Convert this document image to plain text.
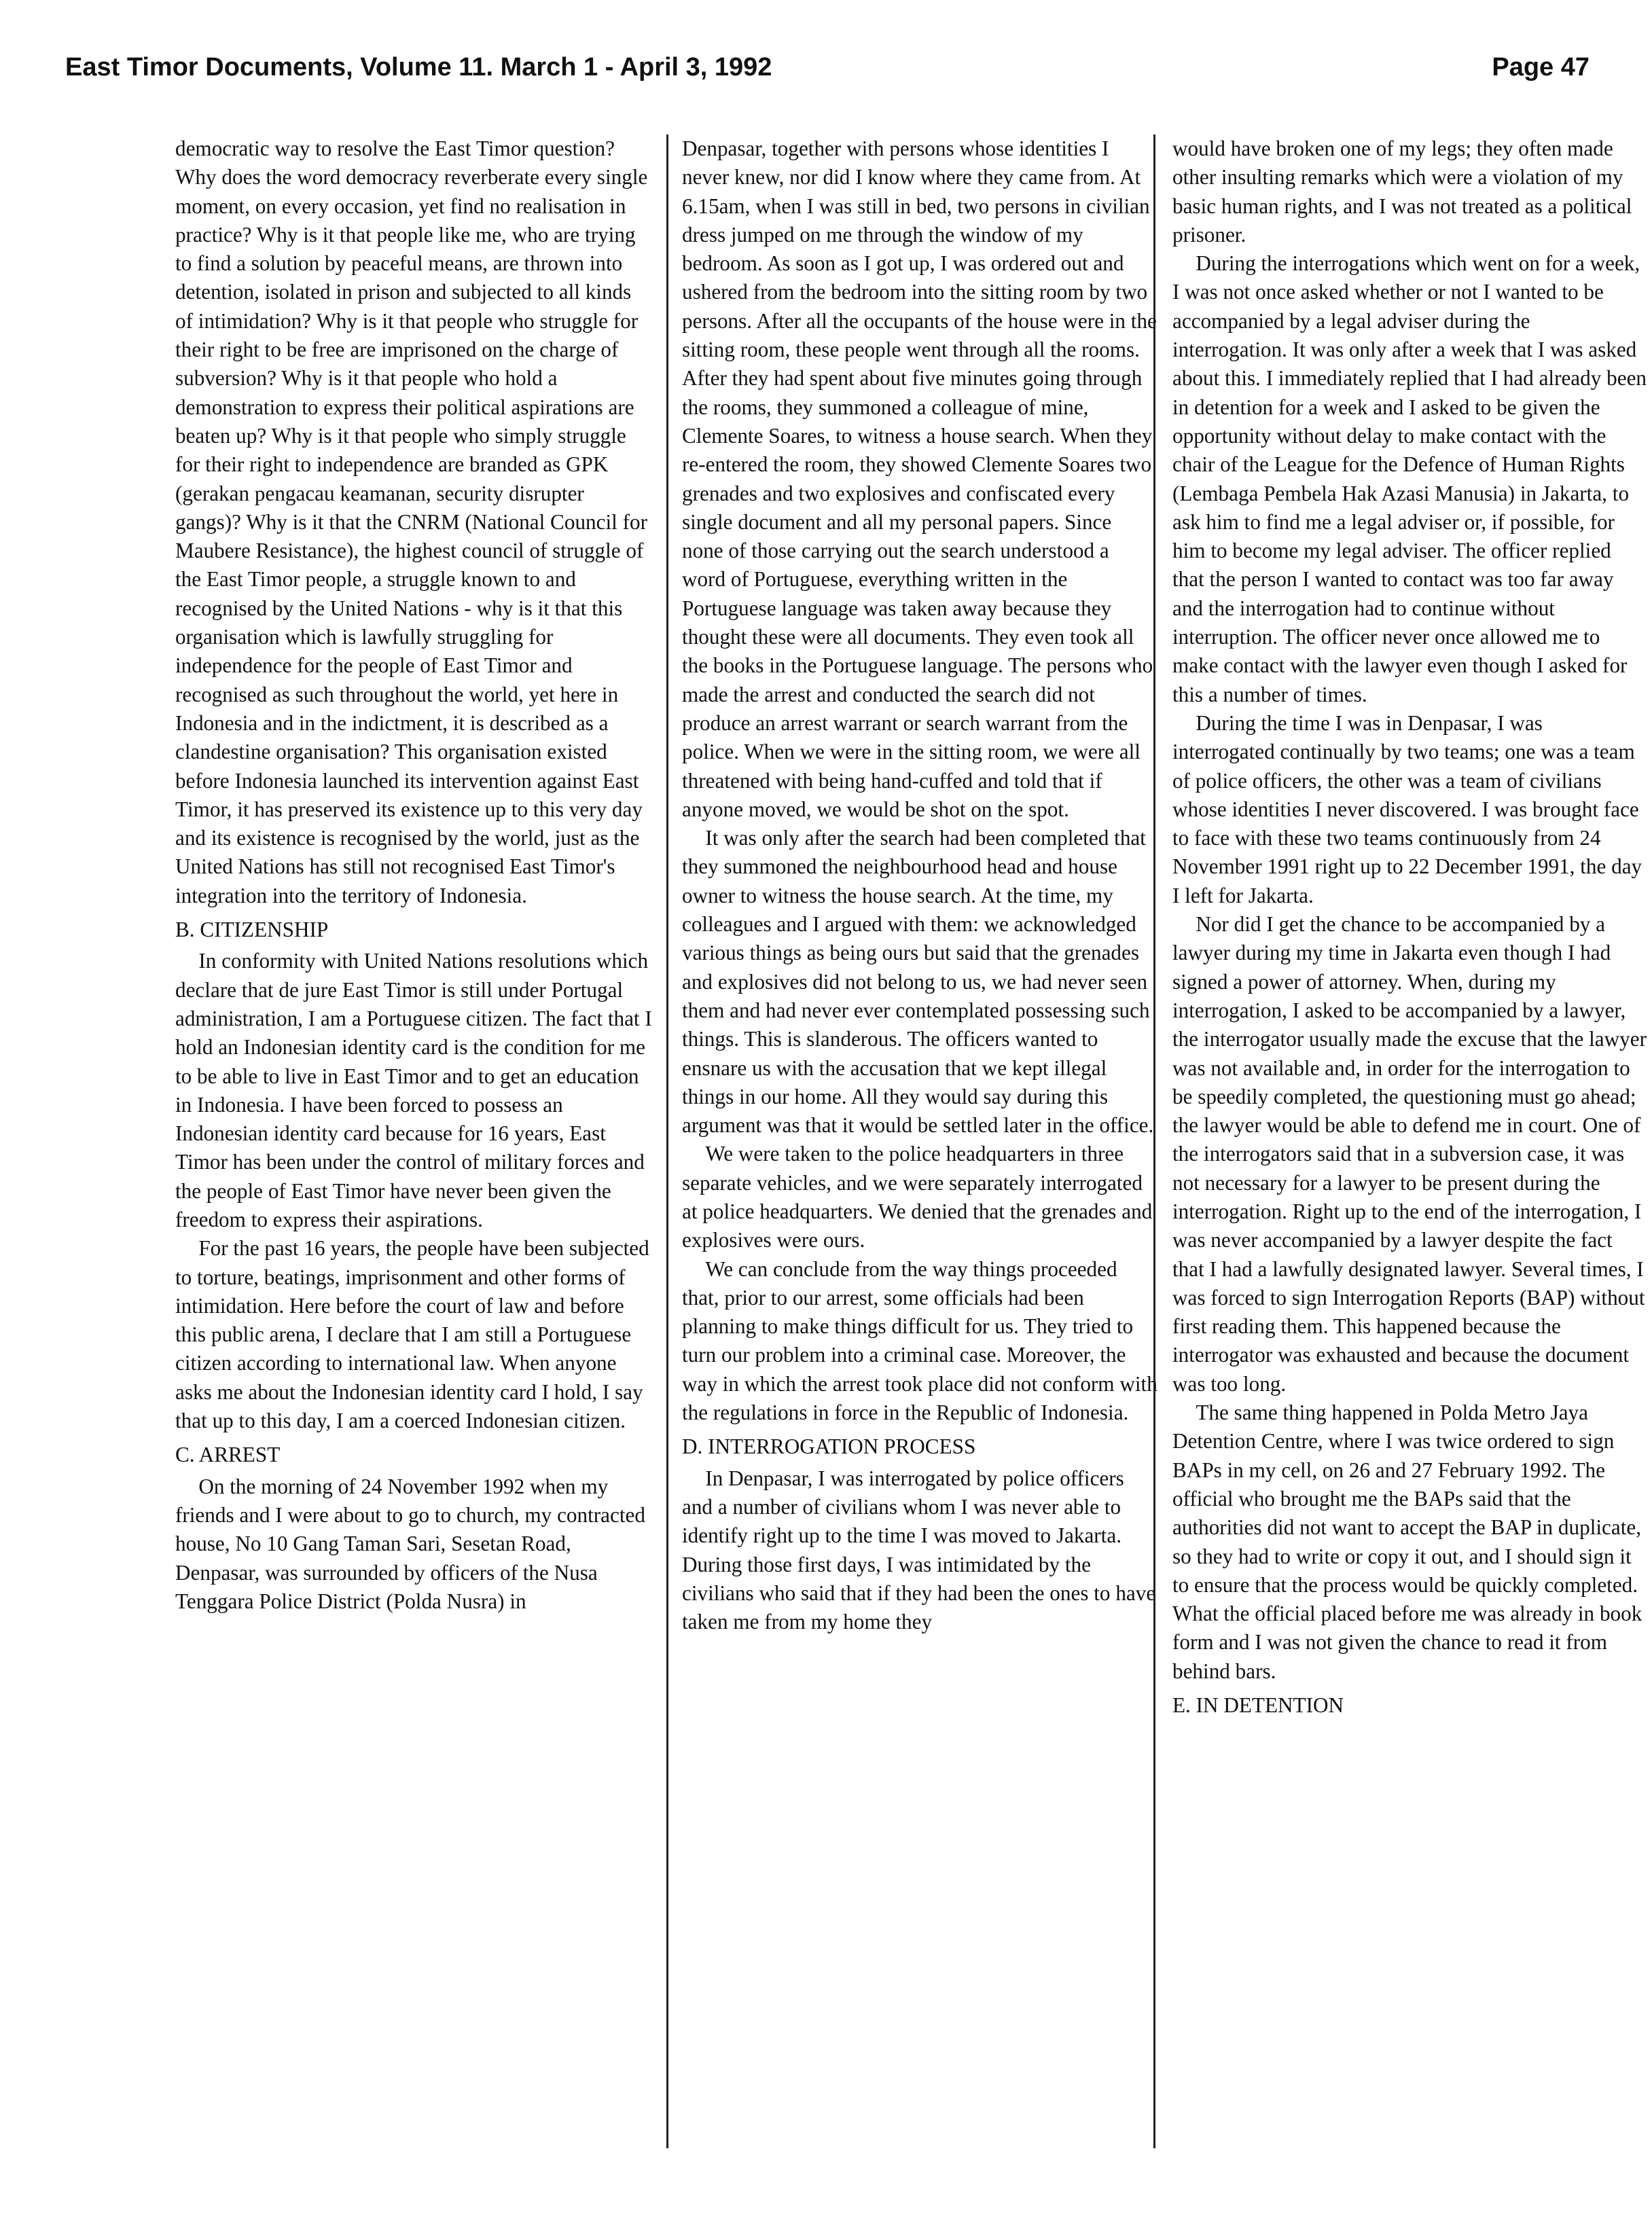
East Timor Documents, Volume 11. March 1 - April 3, 1992	Page 47

democratic way to resolve the East Timor question? Why does the word democracy reverberate every single moment, on every occasion, yet find no realisation in practice? Why is it that people like me, who are trying to find a solution by peaceful means, are thrown into detention, isolated in prison and subjected to all kinds of intimidation? Why is it that people who struggle for their right to be free are imprisoned on the charge of subversion? Why is it that people who hold a demonstration to express their political aspirations are beaten up? Why is it that people who simply struggle for their right to independence are branded as GPK (gerakan pengacau keamanan, security disrupter gangs)? Why is it that the CNRM (National Council for Maubere Resistance), the highest council of struggle of the East Timor people, a struggle known to and recognised by the United Nations - why is it that this organisation which is lawfully struggling for independence for the people of East Timor and recognised as such throughout the world, yet here in Indonesia and in the indictment, it is described as a clandestine organisation? This organisation existed before Indonesia launched its intervention against East Timor, it has preserved its existence up to this very day and its existence is recognised by the world, just as the United Nations has still not recognised East Timor's integration into the territory of Indonesia.

B. CITIZENSHIP

In conformity with United Nations resolutions which declare that de jure East Timor is still under Portugal administration, I am a Portuguese citizen. The fact that I hold an Indonesian identity card is the condition for me to be able to live in East Timor and to get an education in Indonesia. I have been forced to possess an Indonesian identity card because for 16 years, East Timor has been under the control of military forces and the people of East Timor have never been given the freedom to express their aspirations.

For the past 16 years, the people have been subjected to torture, beatings, imprisonment and other forms of intimidation. Here before the court of law and before this public arena, I declare that I am still a Portuguese citizen according to international law. When anyone asks me about the Indonesian identity card I hold, I say that up to this day, I am a coerced Indonesian citizen.

C. ARREST

On the morning of 24 November 1992 when my friends and I were about to go to church, my contracted house, No 10 Gang Taman Sari, Sesetan Road, Denpasar, was surrounded by officers of the Nusa Tenggara Police District (Polda Nusra) in

Denpasar, together with persons whose identities I never knew, nor did I know where they came from. At 6.15am, when I was still in bed, two persons in civilian dress jumped on me through the window of my bedroom. As soon as I got up, I was ordered out and ushered from the bedroom into the sitting room by two persons. After all the occupants of the house were in the sitting room, these people went through all the rooms. After they had spent about five minutes going through the rooms, they summoned a colleague of mine, Clemente Soares, to witness a house search. When they re-entered the room, they showed Clemente Soares two grenades and two explosives and confiscated every single document and all my personal papers. Since none of those carrying out the search understood a word of Portuguese, everything written in the Portuguese language was taken away because they thought these were all documents. They even took all the books in the Portuguese language. The persons who made the arrest and conducted the search did not produce an arrest warrant or search warrant from the police. When we were in the sitting room, we were all threatened with being hand-cuffed and told that if anyone moved, we would be shot on the spot.

It was only after the search had been completed that they summoned the neighbourhood head and house owner to witness the house search. At the time, my colleagues and I argued with them: we acknowledged various things as being ours but said that the grenades and explosives did not belong to us, we had never seen them and had never ever contemplated possessing such things. This is slanderous. The officers wanted to ensnare us with the accusation that we kept illegal things in our home. All they would say during this argument was that it would be settled later in the office.

We were taken to the police headquarters in three separate vehicles, and we were separately interrogated at police headquarters. We denied that the grenades and explosives were ours.

We can conclude from the way things proceeded that, prior to our arrest, some officials had been planning to make things difficult for us. They tried to turn our problem into a criminal case. Moreover, the way in which the arrest took place did not conform with the regulations in force in the Republic of Indonesia.

D. INTERROGATION PROCESS

In Denpasar, I was interrogated by police officers and a number of civilians whom I was never able to identify right up to the time I was moved to Jakarta. During those first days, I was intimidated by the civilians who said that if they had been the ones to have taken me from my home they

would have broken one of my legs; they often made other insulting remarks which were a violation of my basic human rights, and I was not treated as a political prisoner.

During the interrogations which went on for a week, I was not once asked whether or not I wanted to be accompanied by a legal adviser during the interrogation. It was only after a week that I was asked about this. I immediately replied that I had already been in detention for a week and I asked to be given the opportunity without delay to make contact with the chair of the League for the Defence of Human Rights (Lembaga Pembela Hak Azasi Manusia) in Jakarta, to ask him to find me a legal adviser or, if possible, for him to become my legal adviser. The officer replied that the person I wanted to contact was too far away and the interrogation had to continue without interruption. The officer never once allowed me to make contact with the lawyer even though I asked for this a number of times.

During the time I was in Denpasar, I was interrogated continually by two teams; one was a team of police officers, the other was a team of civilians whose identities I never discovered. I was brought face to face with these two teams continuously from 24 November 1991 right up to 22 December 1991, the day I left for Jakarta.

Nor did I get the chance to be accompanied by a lawyer during my time in Jakarta even though I had signed a power of attorney. When, during my interrogation, I asked to be accompanied by a lawyer, the interrogator usually made the excuse that the lawyer was not available and, in order for the interrogation to be speedily completed, the questioning must go ahead; the lawyer would be able to defend me in court. One of the interrogators said that in a subversion case, it was not necessary for a lawyer to be present during the interrogation. Right up to the end of the interrogation, I was never accompanied by a lawyer despite the fact that I had a lawfully designated lawyer. Several times, I was forced to sign Interrogation Reports (BAP) without first reading them. This happened because the interrogator was exhausted and because the document was too long.

The same thing happened in Polda Metro Jaya Detention Centre, where I was twice ordered to sign BAPs in my cell, on 26 and 27 February 1992. The official who brought me the BAPs said that the authorities did not want to accept the BAP in duplicate, so they had to write or copy it out, and I should sign it to ensure that the process would be quickly completed. What the official placed before me was already in book form and I was not given the chance to read it from behind bars.

E. IN DETENTION
